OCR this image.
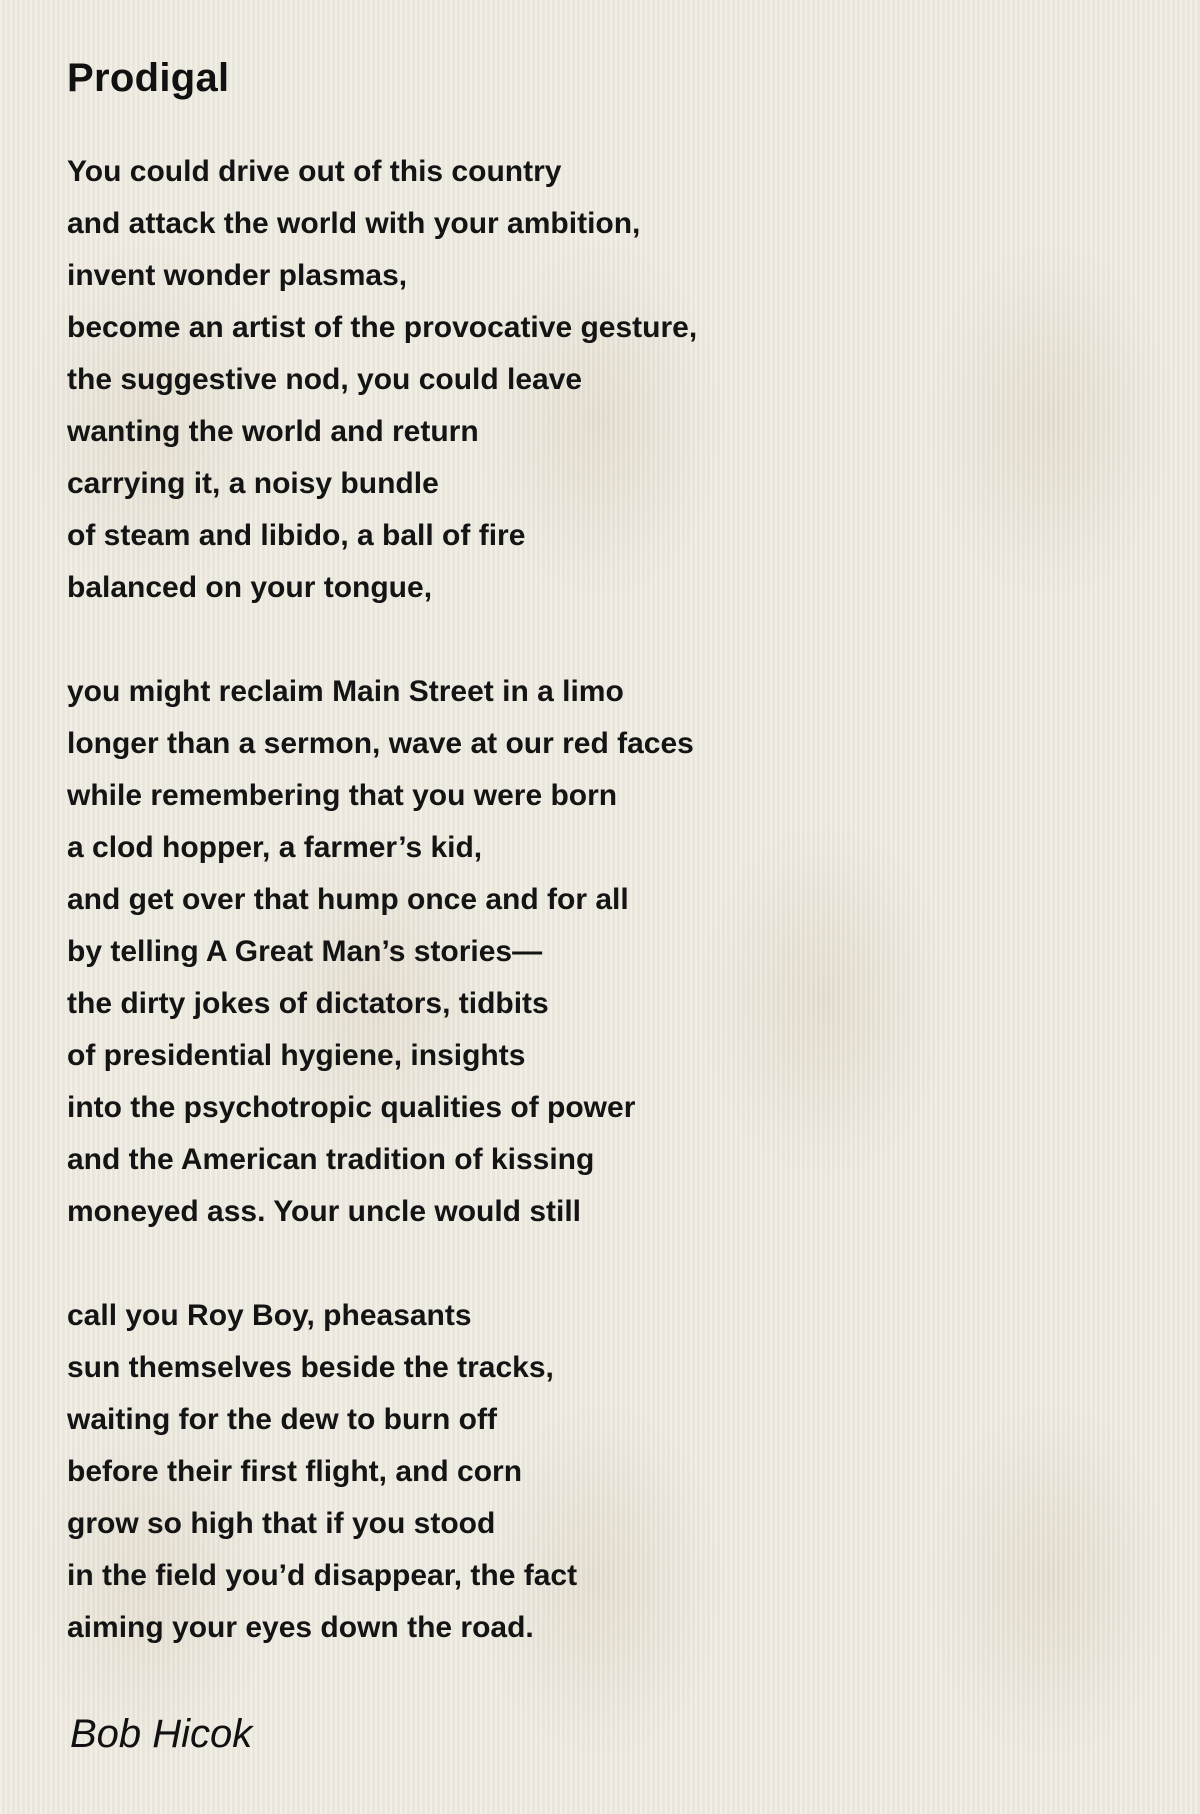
Prodigal
You could drive out of this country
and attack the world with your ambition,
invent wonder plasmas,
become an artist of the provocative gesture,
the suggestive nod, you could leave
wanting the world and return
carrying it, a noisy bundle
of steam and libido, a ball of fire
balanced on your tongue,
you might reclaim Main Street in a limo
longer than a sermon, wave at our red faces
while remembering that you were born
a clod hopper, a farmer’s kid,
and get over that hump once and for all
by telling A Great Man’s stories—
the dirty jokes of dictators, tidbits
of presidential hygiene, insights
into the psychotropic qualities of power
and the American tradition of kissing
moneyed ass. Your uncle would still
call you Roy Boy, pheasants
sun themselves beside the tracks,
waiting for the dew to burn off
before their first flight, and corn
grow so high that if you stood
in the field you’d disappear, the fact
aiming your eyes down the road.
Bob Hicok
